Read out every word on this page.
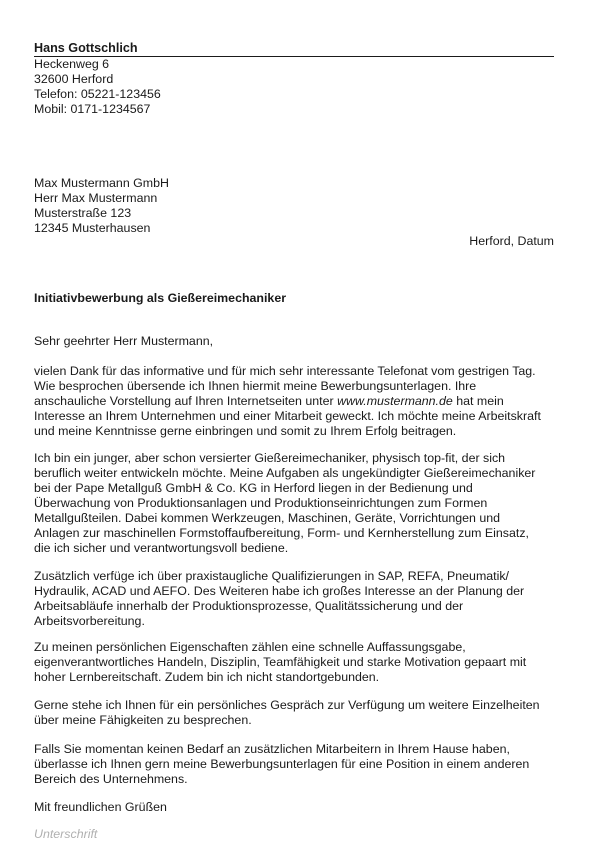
Hans Gottschlich
Heckenweg 6
32600 Herford
Telefon: 05221-123456
Mobil: 0171-1234567
Max Mustermann GmbH
Herr Max Mustermann
Musterstraße 123
12345 Musterhausen
Herford, Datum
Initiativbewerbung als Gießereimechaniker
Sehr geehrter Herr Mustermann,
vielen Dank für das informative und für mich sehr interessante Telefonat vom gestrigen Tag.
Wie besprochen übersende ich Ihnen hiermit meine Bewerbungsunterlagen. Ihre
anschauliche Vorstellung auf Ihren Internetseiten unter www.mustermann.de hat mein
Interesse an Ihrem Unternehmen und einer Mitarbeit geweckt. Ich möchte meine Arbeitskraft
und meine Kenntnisse gerne einbringen und somit zu Ihrem Erfolg beitragen.
Ich bin ein junger, aber schon versierter Gießereimechaniker, physisch top-fit, der sich
beruflich weiter entwickeln möchte. Meine Aufgaben als ungekündigter Gießereimechaniker
bei der Pape Metallguß GmbH & Co. KG in Herford liegen in der Bedienung und
Überwachung von Produktionsanlagen und Produktionseinrichtungen zum Formen
Metallgußteilen. Dabei kommen Werkzeugen, Maschinen, Geräte, Vorrichtungen und
Anlagen zur maschinellen Formstoffaufbereitung, Form- und Kernherstellung zum Einsatz,
die ich sicher und verantwortungsvoll bediene.
Zusätzlich verfüge ich über praxistaugliche Qualifizierungen in SAP, REFA, Pneumatik/
Hydraulik, ACAD und AEFO. Des Weiteren habe ich großes Interesse an der Planung der
Arbeitsabläufe innerhalb der Produktionsprozesse, Qualitätssicherung und der
Arbeitsvorbereitung.
Zu meinen persönlichen Eigenschaften zählen eine schnelle Auffassungsgabe,
eigenverantwortliches Handeln, Disziplin, Teamfähigkeit und starke Motivation gepaart mit
hoher Lernbereitschaft. Zudem bin ich nicht standortgebunden.
Gerne stehe ich Ihnen für ein persönliches Gespräch zur Verfügung um weitere Einzelheiten
über meine Fähigkeiten zu besprechen.
Falls Sie momentan keinen Bedarf an zusätzlichen Mitarbeitern in Ihrem Hause haben,
überlasse ich Ihnen gern meine Bewerbungsunterlagen für eine Position in einem anderen
Bereich des Unternehmens.
Mit freundlichen Grüßen
Unterschrift
